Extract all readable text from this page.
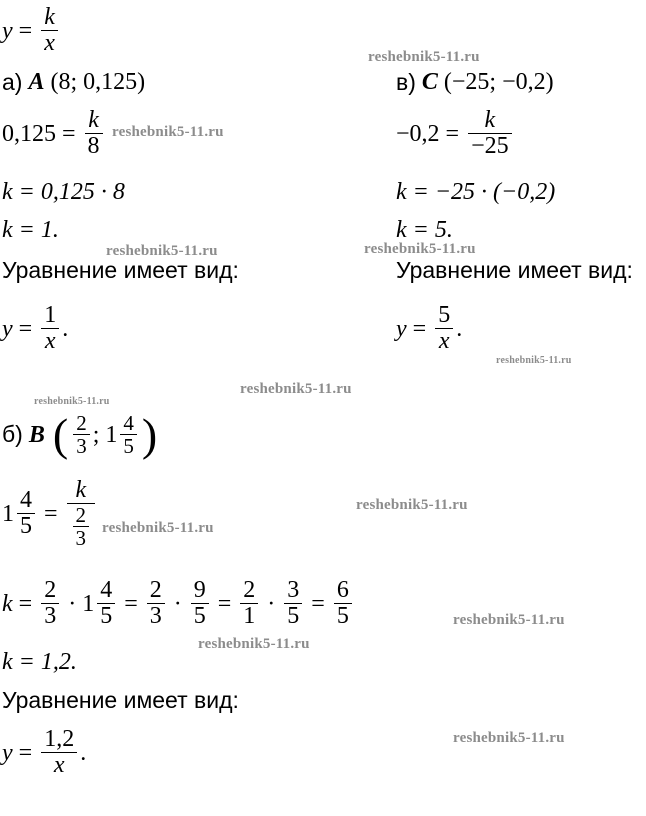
$y = \frac{k}{x}$
а)
A
(8; 0,125)
$0,125 = \frac{k}{8}$
k = 0,125 · 8
k = 1.
Уравнение имеет вид:
$y = \frac{1}{x}$ .
в)
C
(−25; −0,2)
$-0,2 = \frac{k}{-25}$
k = −25 · (−0,2)
k = 5.
Уравнение имеет вид:
$y = \frac{5}{x}$ .
б)
B
( $\frac{2}{3}$ ; $1 \frac{4}{5}$ )
$1 \frac{4}{5} = \frac{k}{\frac{2}{3}}$
$k = \frac{2}{3} \cdot 1 \frac{4}{5} = \frac{2}{3} \cdot \frac{9}{5} = \frac{2}{1} \cdot \frac{3}{5} = \frac{6}{5}$
k = 1,2.
Уравнение имеет вид:
$y = \frac{1,2}{x}$ .
reshebnik5-11.ru
reshebnik5-11.ru
reshebnik5-11.ru	reshebnik5-11.ru
reshebnik5-11.ru
reshebnik5-11.ru
reshebnik5-11.ru
reshebnik5-11.ru
reshebnik5-11.ru
reshebnik5-11.ru
reshebnik5-11.ru
reshebnik5-11.ru
